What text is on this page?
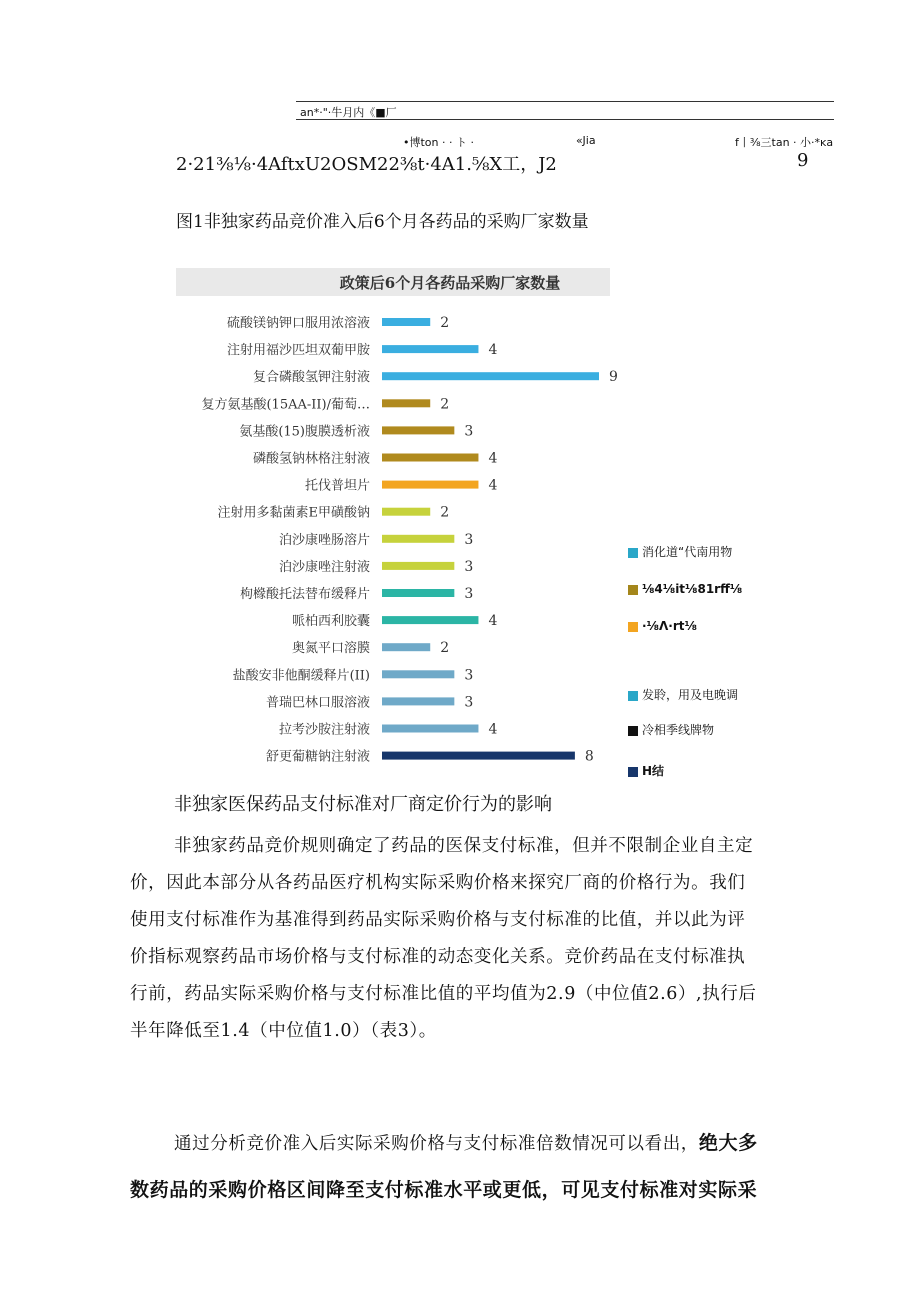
an*·"·牛月内《■厂
•博ton · · ト ·	«Jia	f丨⅜三tan · 小·*ĸa
2·21⅜⅛·4AftxU2OSM22⅜t·4A1.⅝X工，J2	9
图1非独家药品竞价准入后6个月各药品的采购厂家数量
政策后6个月各药品采购厂家数量
硫酸镁钠钾口服用浓溶液	2
注射用福沙匹坦双葡甲胺	4
复合磷酸氢钾注射液	9
复方氨基酸(15AA-II)/葡萄…	2
氨基酸(15)腹膜透析液	3
磷酸氢钠林格注射液	4
托伐普坦片	4
注射用多黏菌素E甲磺酸钠	2
泊沙康唑肠溶片	3
泊沙康唑注射液	3
枸橼酸托法替布缓释片	3
哌柏西利胶囊	4
奥氮平口溶膜	2
盐酸安非他酮缓释片(II)	3
普瑞巴林口服溶液	3
拉考沙胺注射液	4
舒更葡糖钠注射液	8
消化道“代南用物
⅛4⅛it⅛81rff⅛
·⅛Λ·rt⅛
发聆，用及电晚调
冷相季线牌物
H结
非独家医保药品支付标准对厂商定价行为的影响
非独家药品竞价规则确定了药品的医保支付标准，但并不限制企业自主定
价，因此本部分从各药品医疗机构实际采购价格来探究厂商的价格行为。我们
使用支付标准作为基准得到药品实际采购价格与支付标准的比值，并以此为评
价指标观察药品市场价格与支付标准的动态变化关系。竞价药品在支付标准执
行前，药品实际采购价格与支付标准比值的平均值为2.9（中位值2.6）,执行后
半年降低至1.4（中位值1.0）（表3）。
通过分析竞价准入后实际采购价格与支付标准倍数情况可以看出，绝大多
数药品的采购价格区间降至支付标准水平或更低，可见支付标准对实际采
